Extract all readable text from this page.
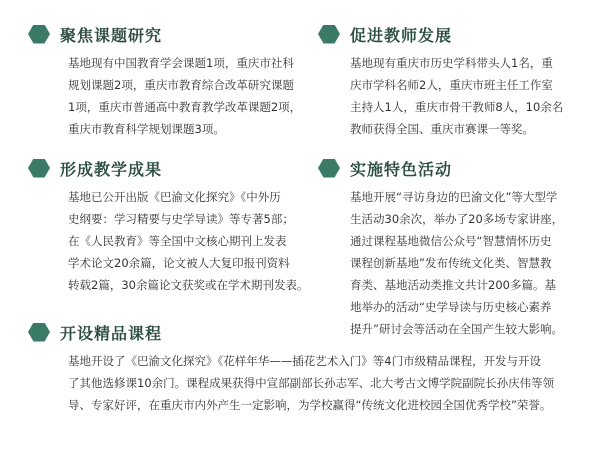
聚焦课题研究
基地现有中国教育学会课题1项，重庆市社科
规划课题2项，重庆市教育综合改革研究课题
1项，重庆市普通高中教育教学改革课题2项，
重庆市教育科学规划课题3项。
促进教师发展
基地现有重庆市历史学科带头人1名，重
庆市学科名师2人，重庆市班主任工作室
主持人1人，重庆市骨干教师8人，10余名
教师获得全国、重庆市赛课一等奖。
形成教学成果
基地已公开出版《巴渝文化探究》《中外历
史纲要：学习精要与史学导读》等专著5部；
在《人民教育》等全国中文核心期刊上发表
学术论文20余篇，论文被人大复印报刊资料
转载2篇，30余篇论文获奖或在学术期刊发表。
实施特色活动
基地开展“寻访身边的巴渝文化”等大型学
生活动30余次，举办了20多场专家讲座，
通过课程基地微信公众号“智慧情怀历史
课程创新基地”发布传统文化类、智慧教
育类、基地活动类推文共计200多篇。基
地举办的活动“史学导读与历史核心素养
提升”研讨会等活动在全国产生较大影响。
开设精品课程
基地开设了《巴渝文化探究》《花样年华——插花艺术入门》等4门市级精品课程，开发与开设
了其他选修课10余门。课程成果获得中宣部副部长孙志军、北大考古文博学院副院长孙庆伟等领
导、专家好评，在重庆市内外产生一定影响，为学校赢得“传统文化进校园全国优秀学校”荣誉。
